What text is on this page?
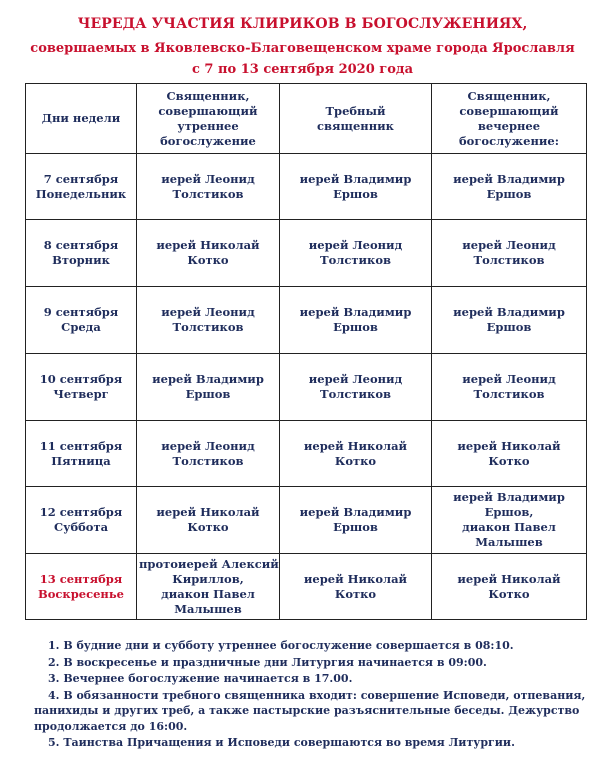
ЧЕРЕДА УЧАСТИЯ КЛИРИКОВ В БОГОСЛУЖЕНИЯХ,
совершаемых в Яковлевско-Благовещенском храме города Ярославля
с 7 по 13 сентября 2020 года
Дни недели	Священник,
совершающий
утреннее
богослужение	Требный
священник	Священник,
совершающий
вечернее
богослужение:

7 сентября
Понедельник	иерей Леонид
Толстиков	иерей Владимир
Ершов	иерей Владимир
Ершов

8 сентября
Вторник	иерей Николай
Котко	иерей Леонид
Толстиков	иерей Леонид
Толстиков

9 сентября
Среда	иерей Леонид
Толстиков	иерей Владимир
Ершов	иерей Владимир
Ершов

10 сентября
Четверг	иерей Владимир
Ершов	иерей Леонид
Толстиков	иерей Леонид
Толстиков

11 сентября
Пятница	иерей Леонид
Толстиков	иерей Николай
Котко	иерей Николай
Котко

12 сентября
Суббота	иерей Николай
Котко	иерей Владимир
Ершов	иерей Владимир
Ершов,
диакон Павел
Малышев

13 сентября
Воскресенье	протоиерей Алексий
Кириллов,
диакон Павел
Малышев	иерей Николай
Котко	иерей Николай
Котко
1. В будние дни и субботу утреннее богослужение совершается в 08:10.
2. В воскресенье и праздничные дни Литургия начинается в 09:00.
3. Вечернее богослужение начинается в 17.00.
4. В обязанности требного священника входит: совершение Исповеди, отпевания,
панихиды и других треб, а также пастырские разъяснительные беседы. Дежурство
продолжается до 16:00.
5. Таинства Причащения и Исповеди совершаются во время Литургии.
